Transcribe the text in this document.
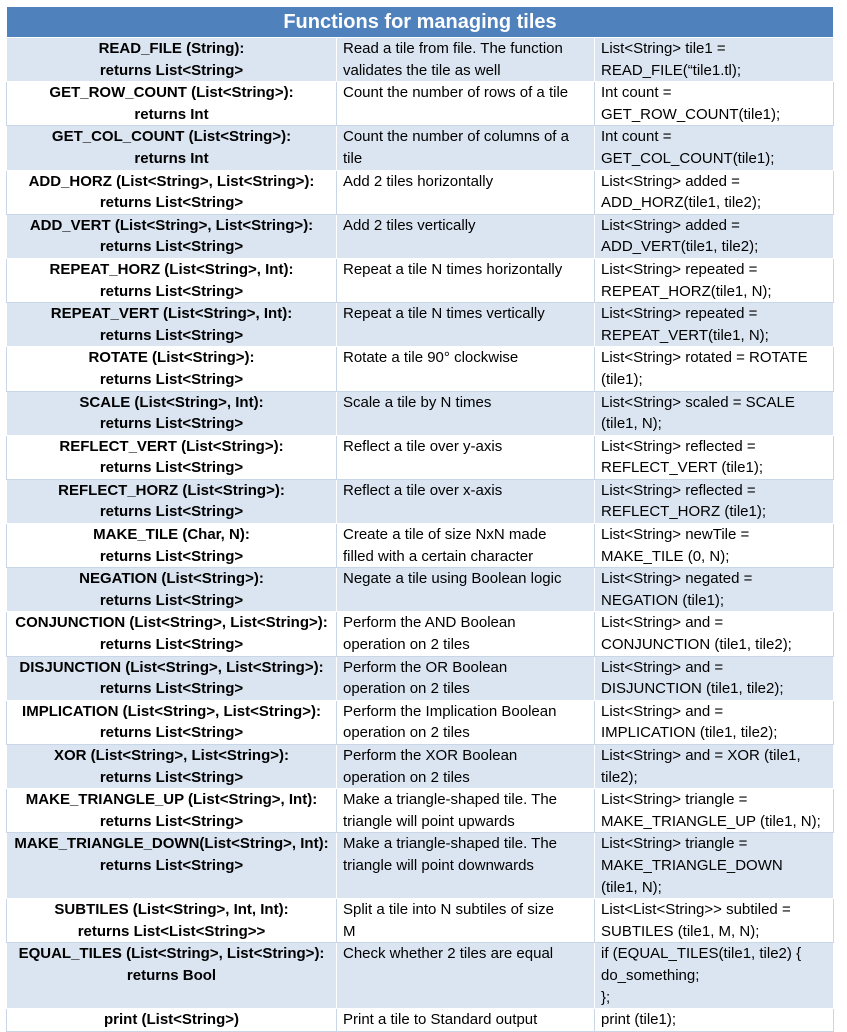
Functions for managing tiles		
READ_FILE (String):
returns List<String>	Read a tile from file. The function validates the tile as well	List<String> tile1 =
READ_FILE(“tile1.tl);
GET_ROW_COUNT (List<String>):
returns Int	Count the number of rows of a tile	Int count =
GET_ROW_COUNT(tile1);
GET_COL_COUNT (List<String>):
returns Int	Count the number of columns of a tile	Int count =
GET_COL_COUNT(tile1);
ADD_HORZ (List<String>, List<String>):
returns List<String>	Add 2 tiles horizontally	List<String> added =
ADD_HORZ(tile1, tile2);
ADD_VERT (List<String>, List<String>):
returns List<String>	Add 2 tiles vertically	List<String> added =
ADD_VERT(tile1, tile2);
REPEAT_HORZ (List<String>, Int):
returns List<String>	Repeat a tile N times horizontally	List<String> repeated =
REPEAT_HORZ(tile1, N);
REPEAT_VERT (List<String>, Int):
returns List<String>	Repeat a tile N times vertically	List<String> repeated =
REPEAT_VERT(tile1, N);
ROTATE (List<String>):
returns List<String>	Rotate a tile 90° clockwise	List<String> rotated = ROTATE
(tile1);
SCALE (List<String>, Int):
returns List<String>	Scale a tile by N times	List<String> scaled = SCALE
(tile1, N);
REFLECT_VERT (List<String>):
returns List<String>	Reflect a tile over y-axis	List<String> reflected =
REFLECT_VERT (tile1);
REFLECT_HORZ (List<String>):
returns List<String>	Reflect a tile over x-axis	List<String> reflected =
REFLECT_HORZ (tile1);
MAKE_TILE (Char, N):
returns List<String>	Create a tile of size NxN made
filled with a certain character	List<String> newTile =
MAKE_TILE (0, N);
NEGATION (List<String>):
returns List<String>	Negate a tile using Boolean logic	List<String> negated =
NEGATION (tile1);
CONJUNCTION (List<String>, List<String>):
returns List<String>	Perform the AND Boolean
operation on 2 tiles	List<String> and =
CONJUNCTION (tile1, tile2);
DISJUNCTION (List<String>, List<String>):
returns List<String>	Perform the OR Boolean
operation on 2 tiles	List<String> and =
DISJUNCTION (tile1, tile2);
IMPLICATION (List<String>, List<String>):
returns List<String>	Perform the Implication Boolean
operation on 2 tiles	List<String> and =
IMPLICATION (tile1, tile2);
XOR (List<String>, List<String>):
returns List<String>	Perform the XOR Boolean
operation on 2 tiles	List<String> and = XOR (tile1,
tile2);
MAKE_TRIANGLE_UP (List<String>, Int):
returns List<String>	Make a triangle-shaped tile. The
triangle will point upwards	List<String> triangle =
MAKE_TRIANGLE_UP (tile1, N);
MAKE_TRIANGLE_DOWN(List<String>, Int):
returns List<String>	Make a triangle-shaped tile. The
triangle will point downwards	List<String> triangle =
MAKE_TRIANGLE_DOWN
(tile1, N);
SUBTILES (List<String>, Int, Int):
returns List<List<String>>	Split a tile into N subtiles of size
M	List<List<String>> subtiled =
SUBTILES (tile1, M, N);
EQUAL_TILES (List<String>, List<String>):
returns Bool	Check whether 2 tiles are equal	if (EQUAL_TILES(tile1, tile2) {
do_something;
};
print (List<String>)	Print a tile to Standard output	print (tile1);
